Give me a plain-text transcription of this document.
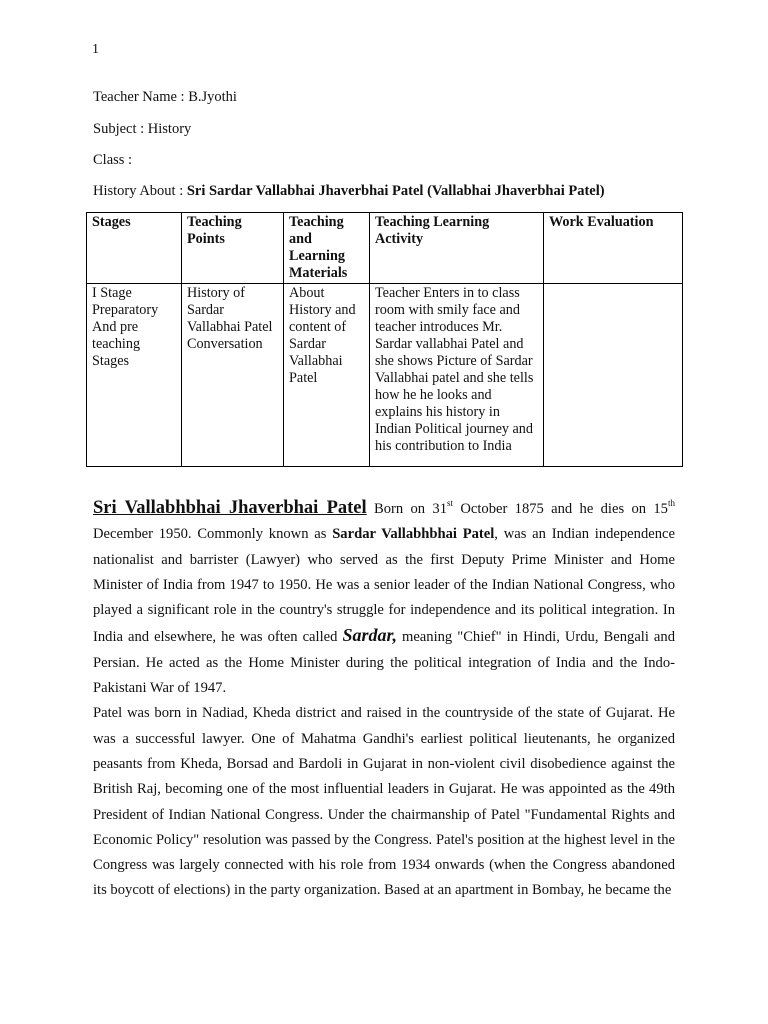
1
Teacher Name : B.Jyothi
Subject : History
Class :
History About : Sri Sardar Vallabhai Jhaverbhai Patel (Vallabhai Jhaverbhai Patel)
Stages	Teaching Points	Teaching and Learning Materials	Teaching Learning Activity	Work Evaluation
I Stage Preparatory And pre teaching Stages	History of Sardar Vallabhai Patel Conversation	About History and content of Sardar Vallabhai Patel	Teacher Enters in to class room with smily face and teacher introduces Mr. Sardar vallabhai Patel and she shows Picture of Sardar Vallabhai patel and she tells how he he looks and explains his history in Indian Political journey and his contribution to India	

Sri Vallabhbhai Jhaverbhai Patel Born on 31st October 1875 and he dies on 15th December 1950. Commonly known as Sardar Vallabhbhai Patel, was an Indian independence nationalist and barrister (Lawyer) who served as the first Deputy Prime Minister and Home Minister of India from 1947 to 1950. He was a senior leader of the Indian National Congress, who played a significant role in the country's struggle for independence and its political integration. In India and elsewhere, he was often called Sardar, meaning "Chief" in Hindi, Urdu, Bengali and Persian. He acted as the Home Minister during the political integration of India and the Indo-Pakistani War of 1947.

Patel was born in Nadiad, Kheda district and raised in the countryside of the state of Gujarat. He was a successful lawyer. One of Mahatma Gandhi's earliest political lieutenants, he organized peasants from Kheda, Borsad and Bardoli in Gujarat in non-violent civil disobedience against the British Raj, becoming one of the most influential leaders in Gujarat. He was appointed as the 49th President of Indian National Congress. Under the chairmanship of Patel "Fundamental Rights and Economic Policy" resolution was passed by the Congress. Patel's position at the highest level in the Congress was largely connected with his role from 1934 onwards (when the Congress abandoned its boycott of elections) in the party organization. Based at an apartment in Bombay, he became the
